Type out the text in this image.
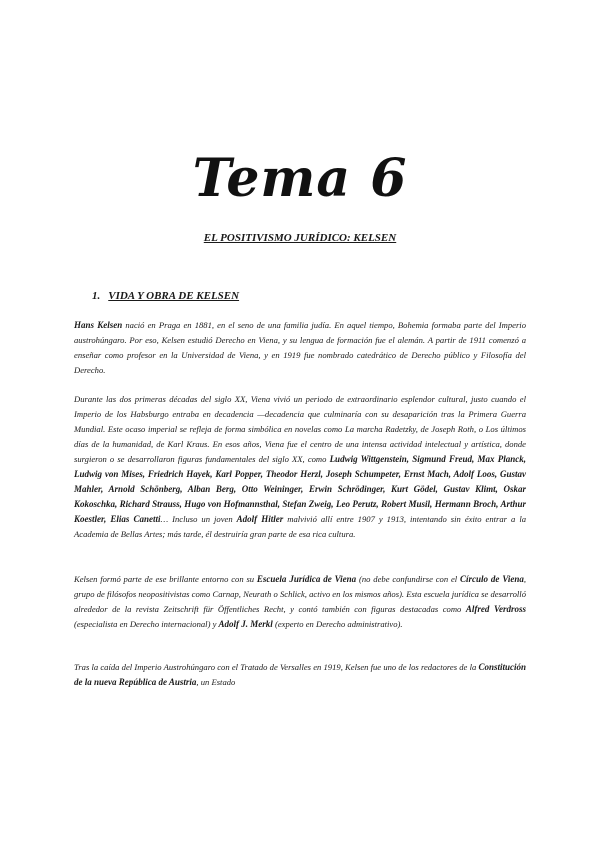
Tema 6
EL POSITIVISMO JURÍDICO: KELSEN
1. VIDA Y OBRA DE KELSEN

Hans Kelsen nació en Praga en 1881, en el seno de una familia judía. En aquel tiempo, Bohemia formaba parte del Imperio austrohúngaro. Por eso, Kelsen estudió Derecho en Viena, y su lengua de formación fue el alemán. A partir de 1911 comenzó a enseñar como profesor en la Universidad de Viena, y en 1919 fue nombrado catedrático de Derecho público y Filosofía del Derecho.

Durante las dos primeras décadas del siglo XX, Viena vivió un periodo de extraordinario esplendor cultural, justo cuando el Imperio de los Habsburgo entraba en decadencia —decadencia que culminaría con su desaparición tras la Primera Guerra Mundial. Este ocaso imperial se refleja de forma simbólica en novelas como La marcha Radetzky, de Joseph Roth, o Los últimos días de la humanidad, de Karl Kraus. En esos años, Viena fue el centro de una intensa actividad intelectual y artística, donde surgieron o se desarrollaron figuras fundamentales del siglo XX, como Ludwig Wittgenstein, Sigmund Freud, Max Planck, Ludwig von Mises, Friedrich Hayek, Karl Popper, Theodor Herzl, Joseph Schumpeter, Ernst Mach, Adolf Loos, Gustav Mahler, Arnold Schönberg, Alban Berg, Otto Weininger, Erwin Schrödinger, Kurt Gödel, Gustav Klimt, Oskar Kokoschka, Richard Strauss, Hugo von Hofmannsthal, Stefan Zweig, Leo Perutz, Robert Musil, Hermann Broch, Arthur Koestler, Elias Canetti… Incluso un joven Adolf Hitler malvivió allí entre 1907 y 1913, intentando sin éxito entrar a la Academia de Bellas Artes; más tarde, él destruiría gran parte de esa rica cultura.

Kelsen formó parte de ese brillante entorno con su Escuela Jurídica de Viena (no debe confundirse con el Círculo de Viena, grupo de filósofos neopositivistas como Carnap, Neurath o Schlick, activo en los mismos años). Esta escuela jurídica se desarrolló alrededor de la revista Zeitschrift für Öffentliches Recht, y contó también con figuras destacadas como Alfred Verdross (especialista en Derecho internacional) y Adolf J. Merkl (experto en Derecho administrativo).

Tras la caída del Imperio Austrohúngaro con el Tratado de Versalles en 1919, Kelsen fue uno de los redactores de la Constitución de la nueva República de Austria, un Estado
